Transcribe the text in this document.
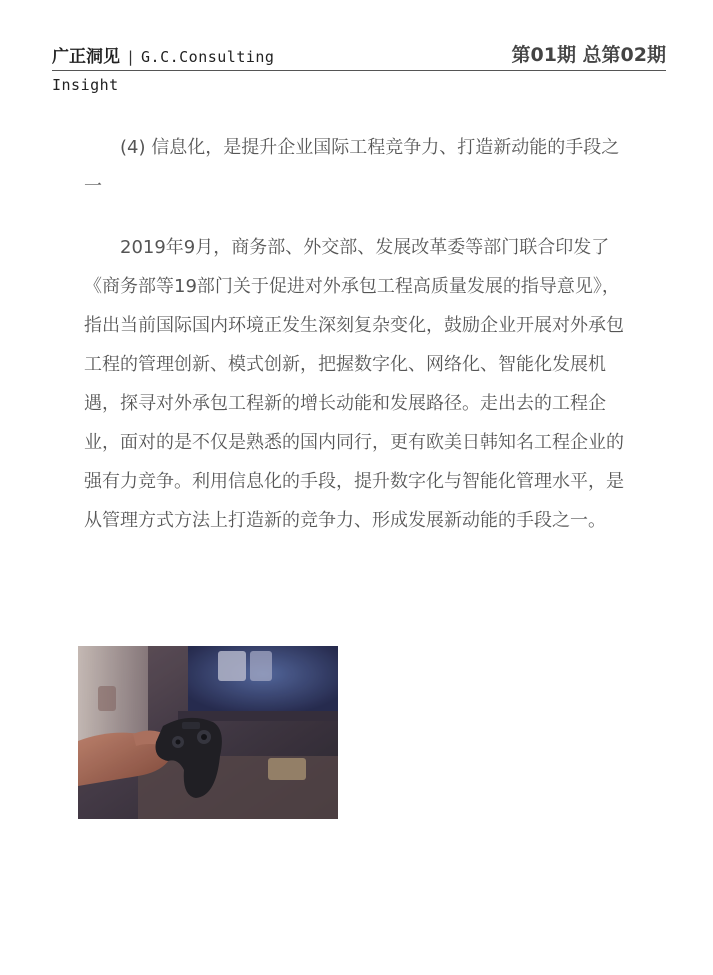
广正洞见 | G.C.Consulting	第01期 总第02期
Insight

(4) 信息化，是提升企业国际工程竞争力、打造新动能的手段之一

2019年9月，商务部、外交部、发展改革委等部门联合印发了《商务部等19部门关于促进对外承包工程高质量发展的指导意见》，指出当前国际国内环境正发生深刻复杂变化，鼓励企业开展对外承包工程的管理创新、模式创新，把握数字化、网络化、智能化发展机遇，探寻对外承包工程新的增长动能和发展路径。走出去的工程企业，面对的是不仅是熟悉的国内同行，更有欧美日韩知名工程企业的强有力竞争。利用信息化的手段，提升数字化与智能化管理水平，是从管理方式方法上打造新的竞争力、形成发展新动能的手段之一。
